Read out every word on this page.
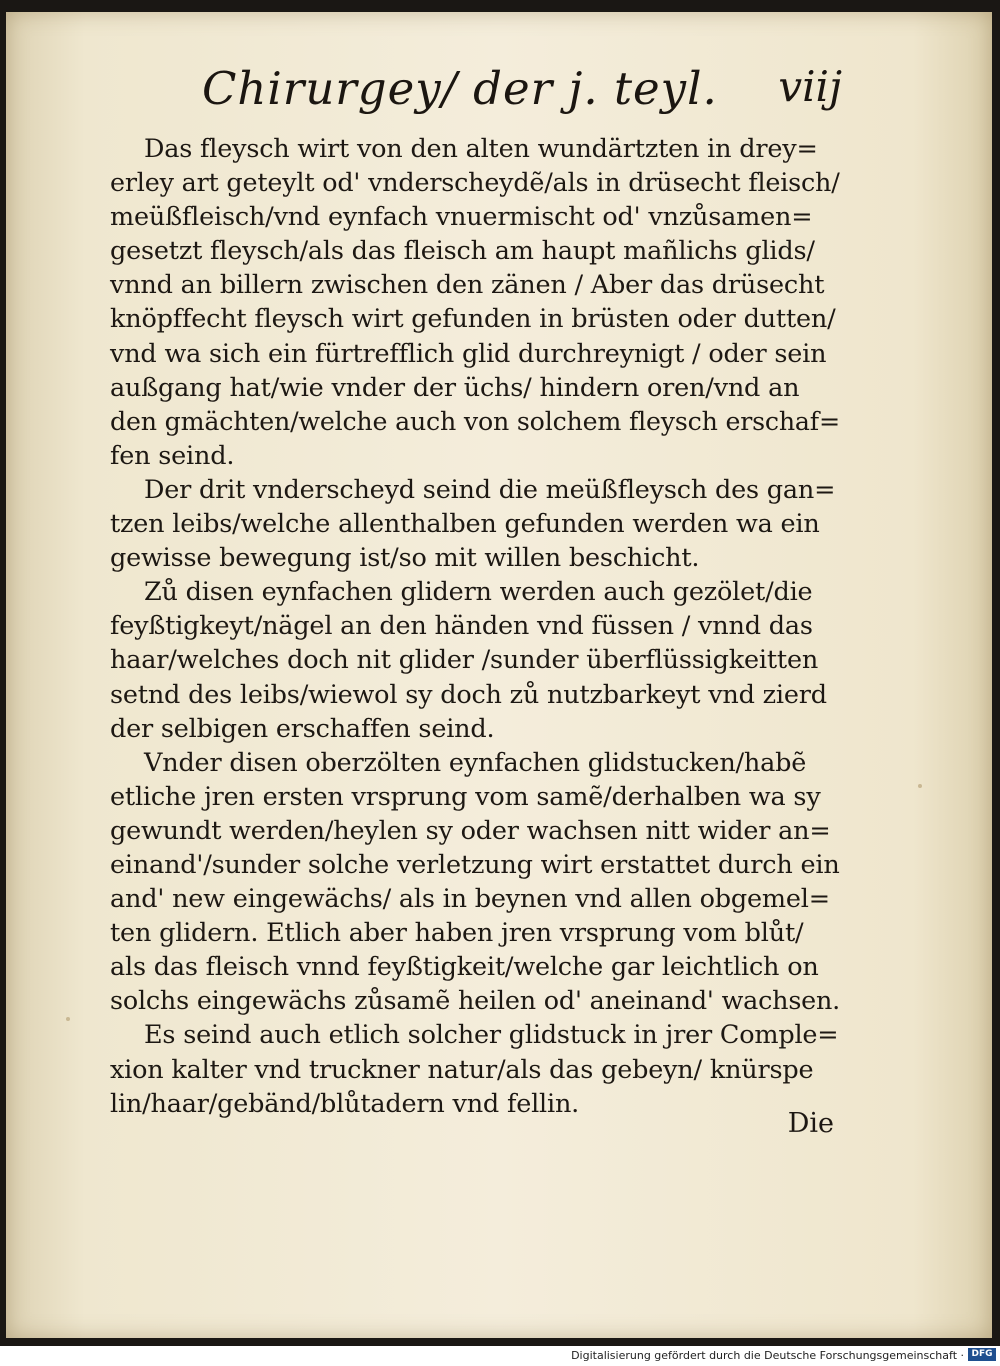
Chirurgey/ der j. teyl. viij
Das fleysch wirt von den alten wundärtzten in drey=
erley art geteylt od' vnderscheydẽ/als in drüsecht fleisch/
meüßfleisch/vnd eynfach vnuermischt od' vnzůsamen=
gesetzt fleysch/als das fleisch am haupt mañlichs glids/
vnnd an billern zwischen den zänen / Aber das drüsecht
knöpffecht fleysch wirt gefunden in brüsten oder dutten/
vnd wa sich ein fürtrefflich glid durchreynigt / oder sein
außgang hat/wie vnder der üchs/ hindern oren/vnd an
den gmächten/welche auch von solchem fleysch erschaf=
fen seind.
Der drit vnderscheyd seind die meüßfleysch des gan=
tzen leibs/welche allenthalben gefunden werden wa ein
gewisse bewegung ist/so mit willen beschicht.
Zů disen eynfachen glidern werden auch gezölet/die
feyßtigkeyt/nägel an den händen vnd füssen / vnnd das
haar/welches doch nit glider /sunder überflüssigkeitten
setnd des leibs/wiewol sy doch zů nutzbarkeyt vnd zierd
der selbigen erschaffen seind.
Vnder disen oberzölten eynfachen glidstucken/habẽ
etliche jren ersten vrsprung vom samẽ/derhalben wa sy
gewundt werden/heylen sy oder wachsen nitt wider an=
einand'/sunder solche verletzung wirt erstattet durch ein
and' new eingewächs/ als in beynen vnd allen obgemel=
ten glidern. Etlich aber haben jren vrsprung vom blůt/
als das fleisch vnnd feyßtigkeit/welche gar leichtlich on
solchs eingewächs zůsamẽ heilen od' aneinand' wachsen.
Es seind auch etlich solcher glidstuck in jrer Comple=
xion kalter vnd truckner natur/als das gebeyn/ knürspe
lin/haar/gebänd/blůtadern vnd fellin.
Die
Digitalisierung gefördert durch die Deutsche Forschungsgemeinschaft · DFG
